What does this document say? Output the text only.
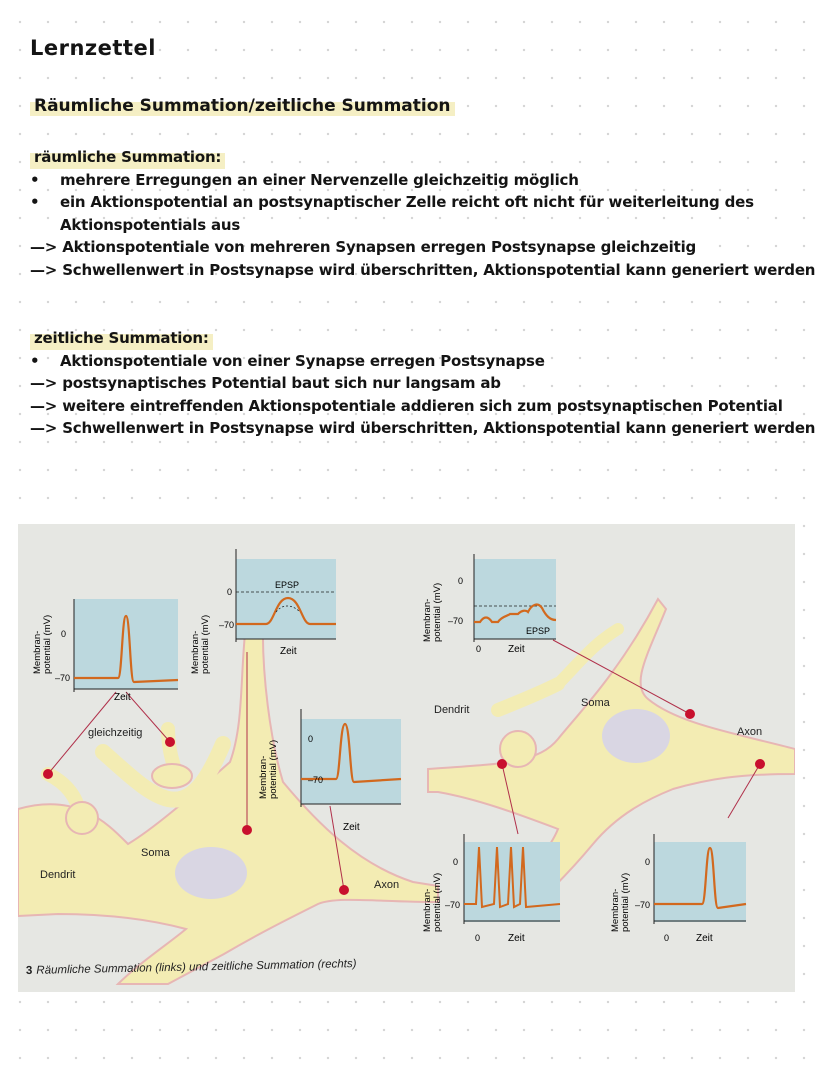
Lernzettel
Räumliche Summation/zeitliche Summation
räumliche Summation:
• mehrere Erregungen an einer Nervenzelle gleichzeitig möglich
• ein Aktionspotential an postsynaptischer Zelle reicht oft nicht für weiterleitung des Aktionspotentials aus
—> Aktionspotentiale von mehreren Synapsen erregen Postsynapse gleichzeitig
—> Schwellenwert in Postsynapse wird überschritten, Aktionspotential kann generiert werden
zeitliche Summation:
• Aktionspotentiale von einer Synapse erregen Postsynapse
—> postsynaptisches Potential baut sich nur langsam ab
—> weitere eintreffenden Aktionspotentiale addieren sich zum postsynaptischen Potential
—> Schwellenwert in Postsynapse wird überschritten, Aktionspotential kann generiert werden
Soma
Dendrit
Axon
gleichzeitig
Soma
Dendrit
Axon
0
–70
Zeit
Membran- potential (mV)
EPSP
0
–70
Zeit
Membran- potential (mV)
0
–70
Zeit
Membran- potential (mV)
EPSP
0
–70
0	Zeit
Membran- potential (mV)
0
–70
0	Zeit
Membran- potential (mV)
0
–70
0	Zeit
Membran- potential (mV)
3 Räumliche Summation (links) und zeitliche Summation (rechts)
